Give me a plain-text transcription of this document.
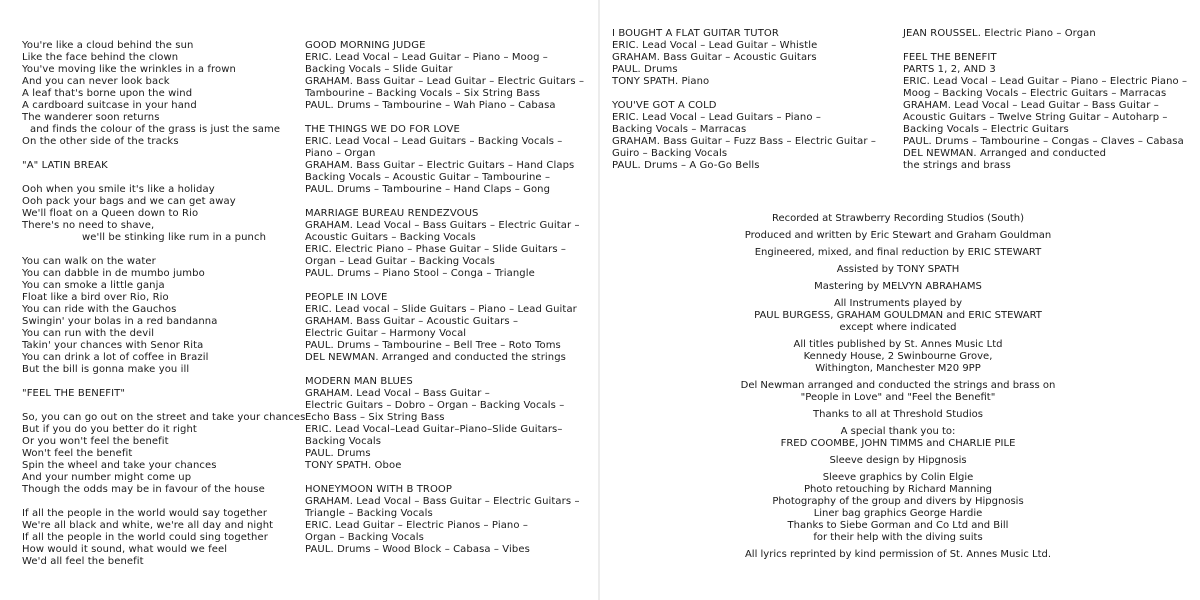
You're like a cloud behind the sun
Like the face behind the clown
You've moving like the wrinkles in a frown
And you can never look back
A leaf that's borne upon the wind
A cardboard suitcase in your hand
The wanderer soon returns
and finds the colour of the grass is just the same
On the other side of the tracks
"A" LATIN BREAK
Ooh when you smile it's like a holiday
Ooh pack your bags and we can get away
We'll float on a Queen down to Rio
There's no need to shave,
we'll be stinking like rum in a punch
You can walk on the water
You can dabble in de mumbo jumbo
You can smoke a little ganja
Float like a bird over Rio, Rio
You can ride with the Gauchos
Swingin' your bolas in a red bandanna
You can run with the devil
Takin' your chances with Senor Rita
You can drink a lot of coffee in Brazil
But the bill is gonna make you ill
"FEEL THE BENEFIT"
So, you can go out on the street and take your chances
But if you do you better do it right
Or you won't feel the benefit
Won't feel the benefit
Spin the wheel and take your chances
And your number might come up
Though the odds may be in favour of the house
If all the people in the world would say together
We're all black and white, we're all day and night
If all the people in the world could sing together
How would it sound, what would we feel
We'd all feel the benefit
GOOD MORNING JUDGE
ERIC. Lead Vocal – Lead Guitar – Piano – Moog –
Backing Vocals – Slide Guitar
GRAHAM. Bass Guitar – Lead Guitar – Electric Guitars –
Tambourine – Backing Vocals – Six String Bass
PAUL. Drums – Tambourine – Wah Piano – Cabasa
THE THINGS WE DO FOR LOVE
ERIC. Lead Vocal – Lead Guitars – Backing Vocals –
Piano – Organ
GRAHAM. Bass Guitar – Electric Guitars – Hand Claps
Backing Vocals – Acoustic Guitar – Tambourine –
PAUL. Drums – Tambourine – Hand Claps – Gong
MARRIAGE BUREAU RENDEZVOUS
GRAHAM. Lead Vocal – Bass Guitars – Electric Guitar –
Acoustic Guitars – Backing Vocals
ERIC. Electric Piano – Phase Guitar – Slide Guitars –
Organ – Lead Guitar – Backing Vocals
PAUL. Drums – Piano Stool – Conga – Triangle
PEOPLE IN LOVE
ERIC. Lead vocal – Slide Guitars – Piano – Lead Guitar
GRAHAM. Bass Guitar – Acoustic Guitars –
Electric Guitar – Harmony Vocal
PAUL. Drums – Tambourine – Bell Tree – Roto Toms
DEL NEWMAN. Arranged and conducted the strings
MODERN MAN BLUES
GRAHAM. Lead Vocal – Bass Guitar –
Electric Guitars – Dobro – Organ – Backing Vocals –
Echo Bass – Six String Bass
ERIC. Lead Vocal–Lead Guitar–Piano–Slide Guitars–
Backing Vocals
PAUL. Drums
TONY SPATH. Oboe
HONEYMOON WITH B TROOP
GRAHAM. Lead Vocal – Bass Guitar – Electric Guitars –
Triangle – Backing Vocals
ERIC. Lead Guitar – Electric Pianos – Piano –
Organ – Backing Vocals
PAUL. Drums – Wood Block – Cabasa – Vibes
I BOUGHT A FLAT GUITAR TUTOR
ERIC. Lead Vocal – Lead Guitar – Whistle
GRAHAM. Bass Guitar – Acoustic Guitars
PAUL. Drums
TONY SPATH. Piano
YOU'VE GOT A COLD
ERIC. Lead Vocal – Lead Guitars – Piano –
Backing Vocals – Marracas
GRAHAM. Bass Guitar – Fuzz Bass – Electric Guitar –
Guiro – Backing Vocals
PAUL. Drums – A Go-Go Bells
JEAN ROUSSEL. Electric Piano – Organ
FEEL THE BENEFIT
PARTS 1, 2, AND 3
ERIC. Lead Vocal – Lead Guitar – Piano – Electric Piano –
Moog – Backing Vocals – Electric Guitars – Marracas
GRAHAM. Lead Vocal – Lead Guitar – Bass Guitar –
Acoustic Guitars – Twelve String Guitar – Autoharp –
Backing Vocals – Electric Guitars
PAUL. Drums – Tambourine – Congas – Claves – Cabasa
DEL NEWMAN. Arranged and conducted
the strings and brass
Recorded at Strawberry Recording Studios (South)
Produced and written by Eric Stewart and Graham Gouldman
Engineered, mixed, and final reduction by ERIC STEWART
Assisted by TONY SPATH
Mastering by MELVYN ABRAHAMS
All Instruments played by
PAUL BURGESS, GRAHAM GOULDMAN and ERIC STEWART
except where indicated
All titles published by St. Annes Music Ltd
Kennedy House, 2 Swinbourne Grove,
Withington, Manchester M20 9PP
Del Newman arranged and conducted the strings and brass on
"People in Love" and "Feel the Benefit"
Thanks to all at Threshold Studios
A special thank you to:
FRED COOMBE, JOHN TIMMS and CHARLIE PILE
Sleeve design by Hipgnosis
Sleeve graphics by Colin Elgie
Photo retouching by Richard Manning
Photography of the group and divers by Hipgnosis
Liner bag graphics George Hardie
Thanks to Siebe Gorman and Co Ltd and Bill
for their help with the diving suits
All lyrics reprinted by kind permission of St. Annes Music Ltd.
